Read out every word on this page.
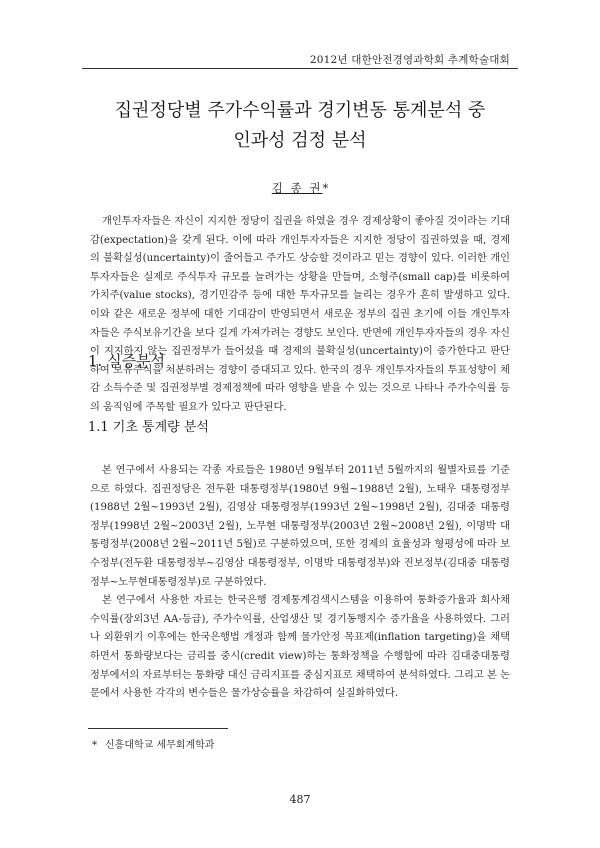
2012년 대한안전경영과학회 추계학술대회
집권정당별 주가수익률과 경기변동 통계분석 중
인과성 검정 분석
김 종 권*
개인투자자들은 자신이 지지한 정당이 집권을 하였을 경우 경제상황이 좋아질 것이라는 기대감(expectation)을 갖게 된다. 이에 따라 개인투자자들은 지지한 정당이 집권하였을 때, 경제의 불확실성(uncertainty)이 줄어들고 주가도 상승할 것이라고 믿는 경향이 있다. 이러한 개인투자자들은 실제로 주식투자 규모를 늘려가는 상황을 만들며, 소형주(small cap)를 비롯하여 가치주(value stocks), 경기민감주 등에 대한 투자규모를 늘리는 경우가 흔히 발생하고 있다. 이와 같은 새로운 정부에 대한 기대감이 반영되면서 새로운 정부의 집권 초기에 이들 개인투자자들은 주식보유기간을 보다 길게 가져가려는 경향도 보인다. 반면에 개인투자자들의 경우 자신이 지지하지 않는 집권정부가 들어섰을 때 경제의 불확실성(uncertainty)이 증가한다고 판단하여 보유주식을 처분하려는 경향이 증대되고 있다. 한국의 경우 개인투자자들의 투표성향이 체감 소득수준 및 집권정부별 경제정책에 따라 영향을 받을 수 있는 것으로 나타나 주가수익률 등의 움직임에 주목할 필요가 있다고 판단된다.
1. 실증분석
1.1 기초 통계량 분석

본 연구에서 사용되는 각종 자료들은 1980년 9월부터 2011년 5월까지의 월별자료를 기준으로 하였다. 집권정당은 전두환 대통령정부(1980년 9월~1988년 2월), 노태우 대통령정부(1988년 2월~1993년 2월), 김영삼 대통령정부(1993년 2월~1998년 2월), 김대중 대통령정부(1998년 2월~2003년 2월), 노무현 대통령정부(2003년 2월~2008년 2월), 이명박 대통령정부(2008년 2월~2011년 5월)로 구분하였으며, 또한 경제의 효율성과 형평성에 따라 보수정부(전두환 대통령정부~김영삼 대통령정부, 이명박 대통령정부)와 진보정부(김대중 대통령정부~노무현대통령정부)로 구분하였다.

본 연구에서 사용한 자료는 한국은행 경제통계검색시스템을 이용하여 통화증가율과 회사채수익률(장외3년 AA-등급), 주가수익률, 산업생산 및 경기동행지수 증가율을 사용하였다. 그러나 외환위기 이후에는 한국은행법 개정과 함께 물가안정 목표제(inflation targeting)을 채택하면서 통화량보다는 금리를 중시(credit view)하는 통화정책을 수행함에 따라 김대중대통령정부에서의 자료부터는 통화량 대신 금리지표를 중심지표로 채택하여 분석하였다. 그리고 본 논문에서 사용한 각각의 변수들은 물가상승률을 차감하여 실질화하였다.

* 신흥대학교 세무회계학과
487
